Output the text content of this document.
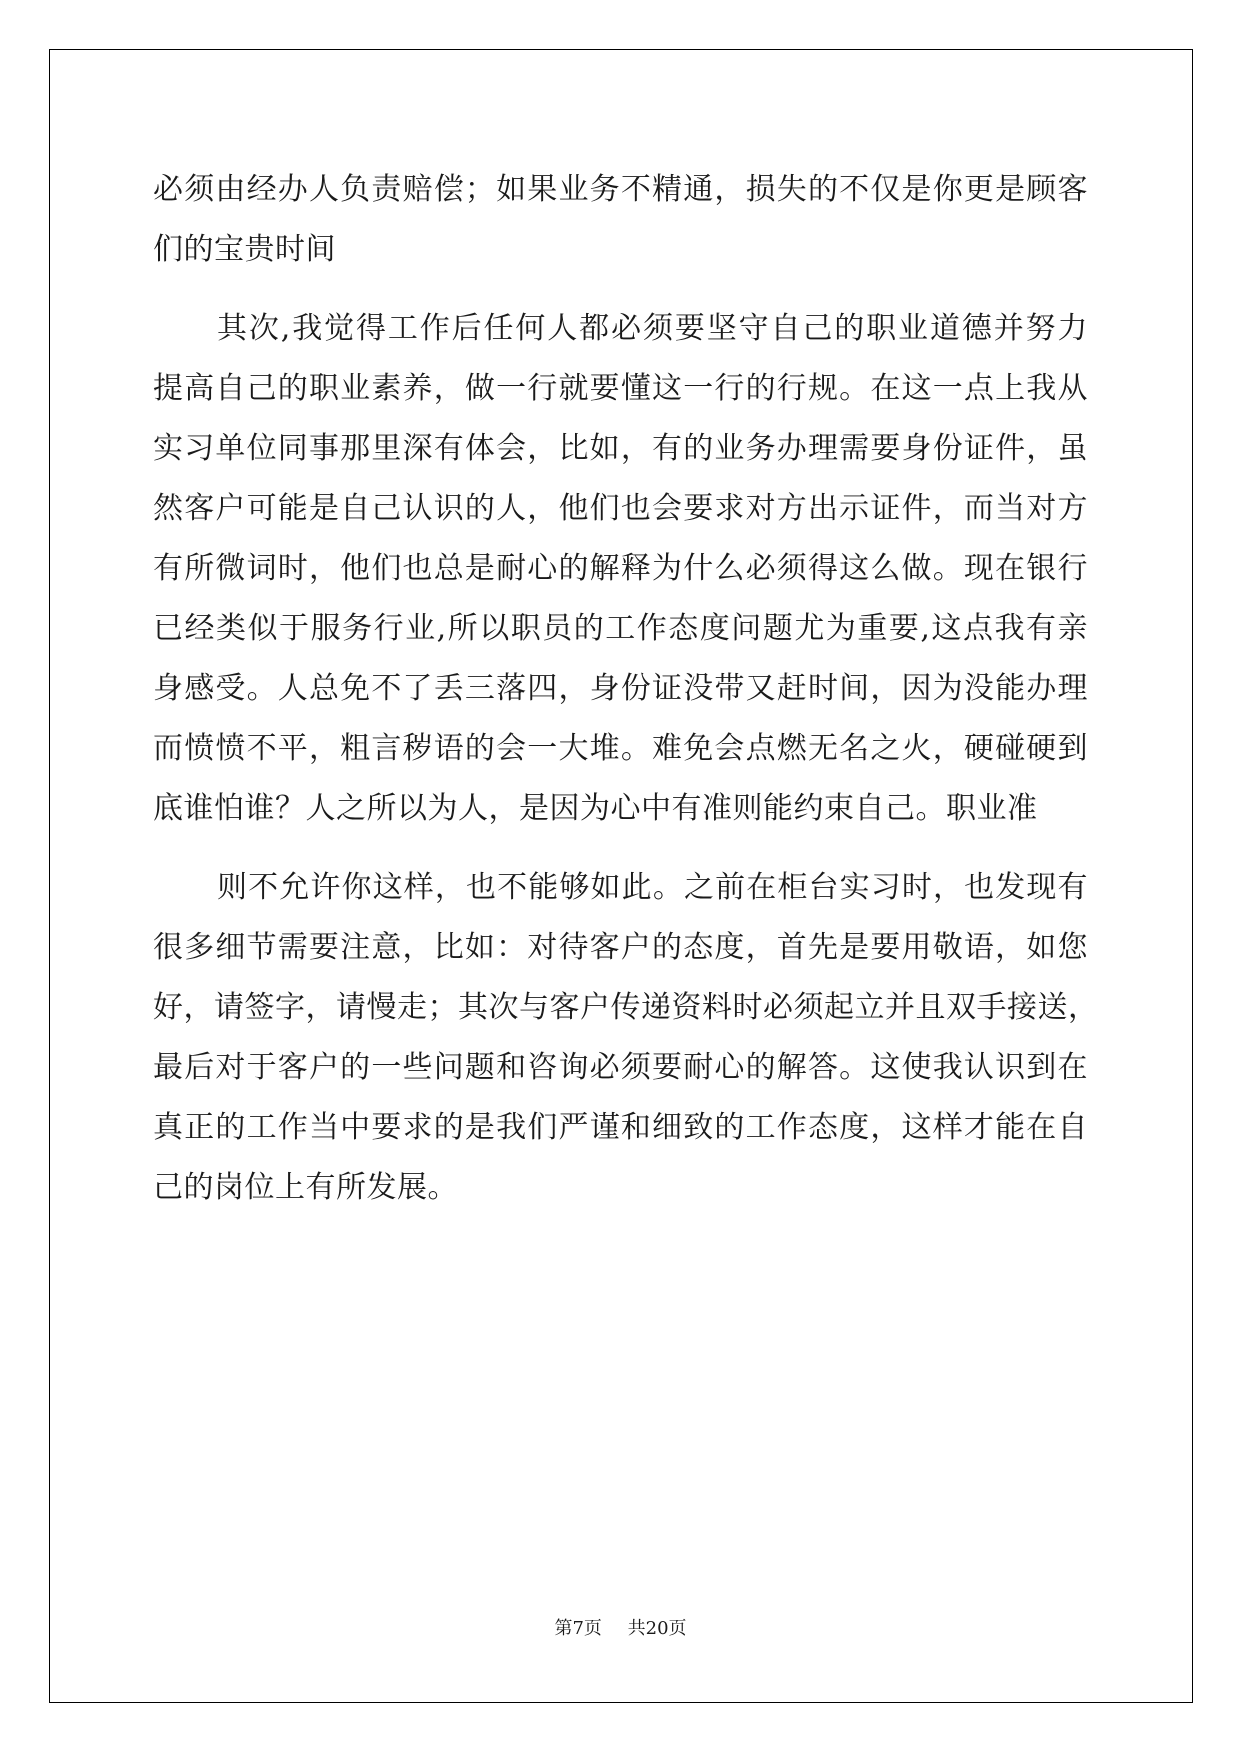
必须由经办人负责赔偿；如果业务不精通，损失的不仅是你更是顾客
们的宝贵时间
其次,我觉得工作后任何人都必须要坚守自己的职业道德并努力
提高自己的职业素养，做一行就要懂这一行的行规。在这一点上我从
实习单位同事那里深有体会，比如，有的业务办理需要身份证件，虽
然客户可能是自己认识的人，他们也会要求对方出示证件，而当对方
有所微词时，他们也总是耐心的解释为什么必须得这么做。现在银行
已经类似于服务行业,所以职员的工作态度问题尤为重要,这点我有亲
身感受。人总免不了丢三落四，身份证没带又赶时间，因为没能办理
而愤愤不平，粗言秽语的会一大堆。难免会点燃无名之火，硬碰硬到
底谁怕谁？人之所以为人，是因为心中有准则能约束自己。职业准
则不允许你这样，也不能够如此。之前在柜台实习时，也发现有
很多细节需要注意，比如：对待客户的态度，首先是要用敬语，如您
好，请签字，请慢走；其次与客户传递资料时必须起立并且双手接送，
最后对于客户的一些问题和咨询必须要耐心的解答。这使我认识到在
真正的工作当中要求的是我们严谨和细致的工作态度，这样才能在自
己的岗位上有所发展。
第7页 共20页
